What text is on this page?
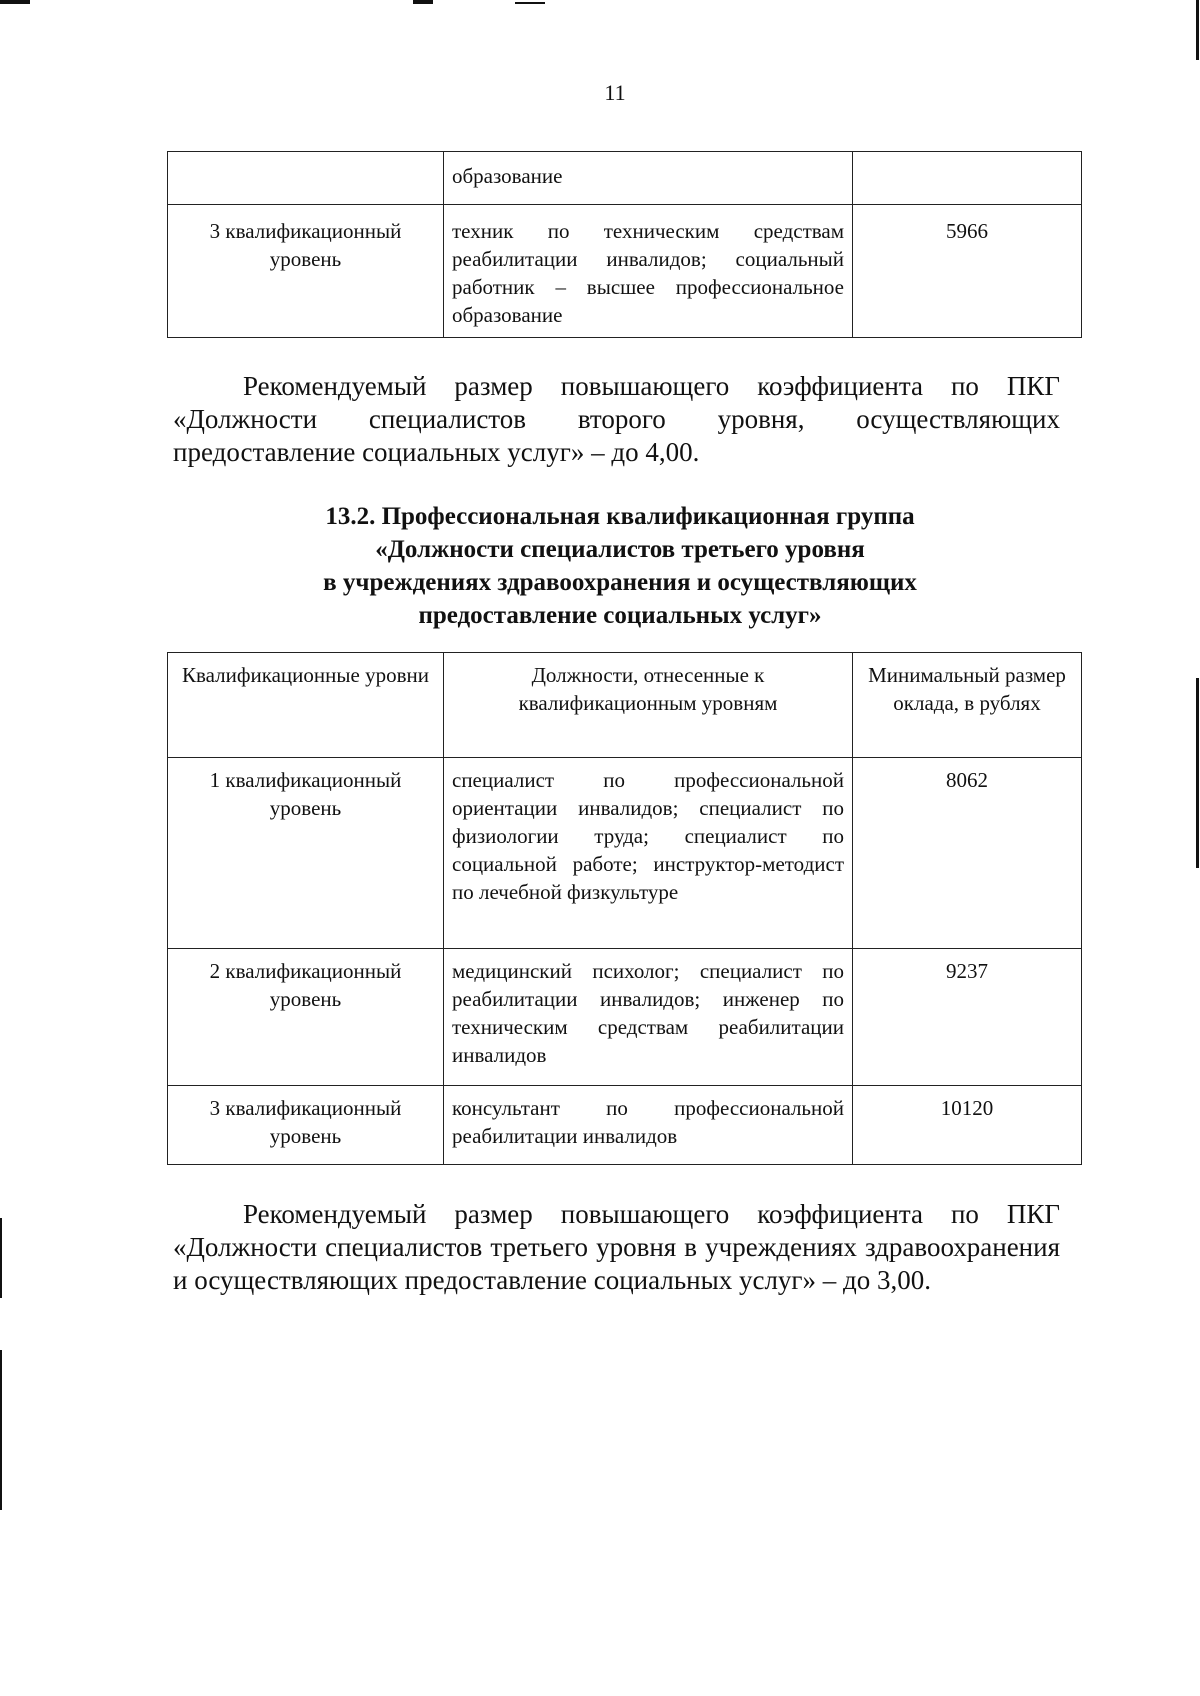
11
	образование	
3 квалификационный уровень	техник по техническим средствам реабилитации инвалидов; социальный работник – высшее профессиональное образование	5966
Рекомендуемый размер повышающего коэффициента по ПКГ «Должности специалистов второго уровня, осуществляющих предоставление социальных услуг» – до 4,00.
13.2. Профессиональная квалификационная группа
«Должности специалистов третьего уровня
в учреждениях здравоохранения и осуществляющих
предоставление социальных услуг»
Квалификационные уровни	Должности, отнесенные к квалификационным уровням	Минимальный размер оклада, в рублях
1 квалификационный уровень	специалист по профессиональной ориентации инвалидов; специалист по физиологии труда; специалист по социальной работе; инструктор-методист по лечебной физкультуре	8062
2 квалификационный уровень	медицинский психолог; специалист по реабилитации инвалидов; инженер по техническим средствам реабилитации инвалидов	9237
3 квалификационный уровень	консультант по профессиональной реабилитации инвалидов	10120
Рекомендуемый размер повышающего коэффициента по ПКГ «Должности специалистов третьего уровня в учреждениях здравоохранения и осуществляющих предоставление социальных услуг» – до 3,00.
